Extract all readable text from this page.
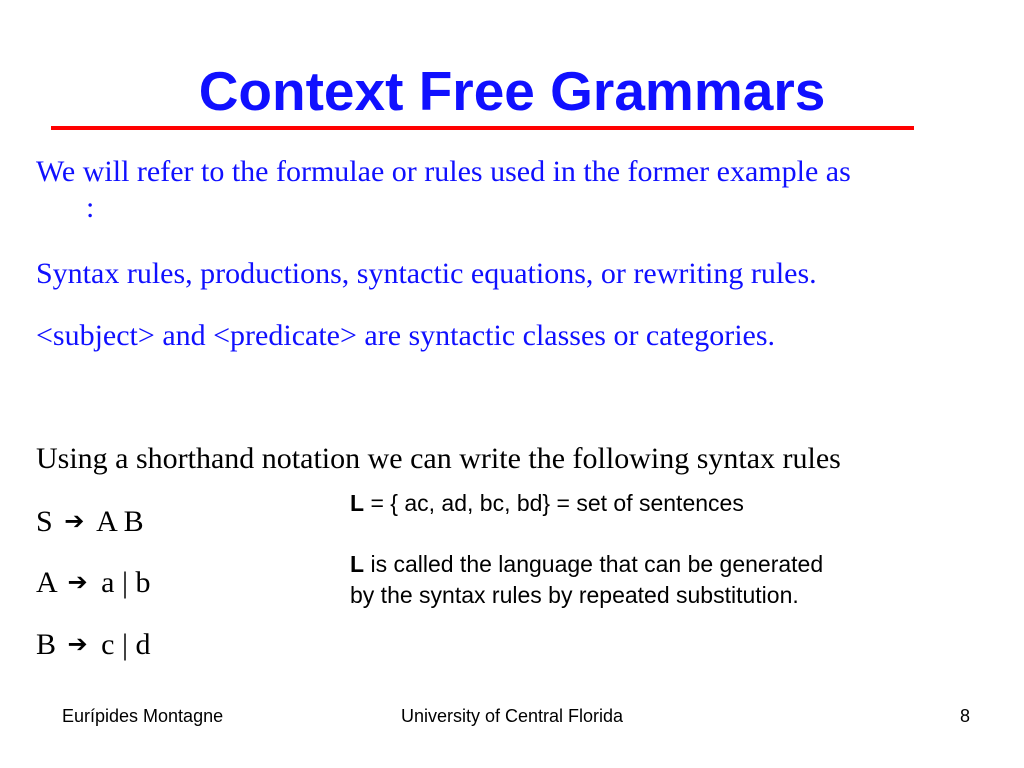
Context Free Grammars

We will refer to the formulae or rules used in the former example as
:

Syntax rules, productions, syntactic equations, or rewriting rules.

<subject> and <predicate> are syntactic classes or categories.

Using a shorthand notation we can write the following syntax rules

S ➔ A B

A ➔ a | b

B ➔ c | d

L = { ac, ad, bc, bd} = set of sentences

L is called the language that can be generated
by the syntax rules by repeated substitution.

Eurípides Montagne	University of Central Florida	8
